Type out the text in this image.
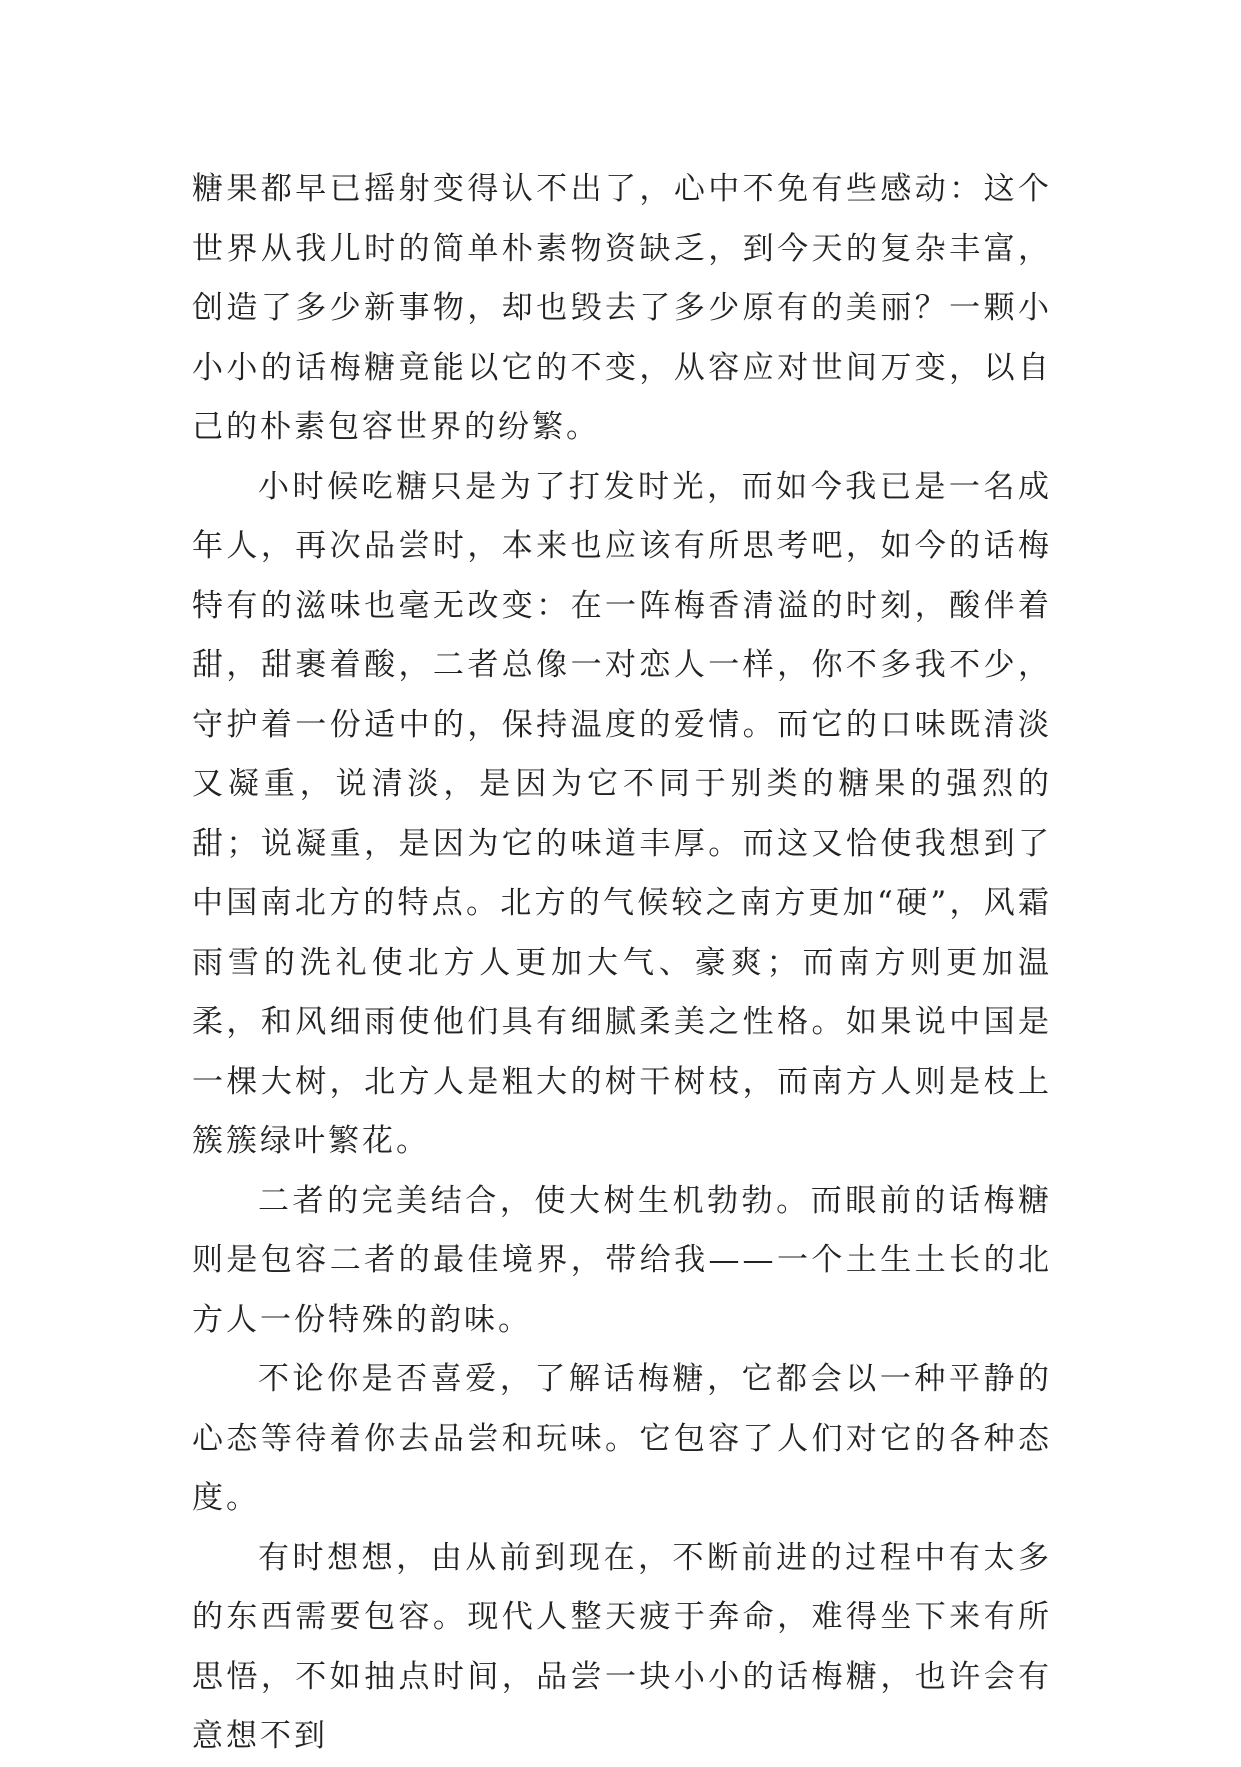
糖果都早已摇射变得认不出了，心中不免有些感动：这个世界从我儿时的简单朴素物资缺乏，到今天的复杂丰富，创造了多少新事物，却也毁去了多少原有的美丽？一颗小小小的话梅糖竟能以它的不变，从容应对世间万变，以自己的朴素包容世界的纷繁。

小时候吃糖只是为了打发时光，而如今我已是一名成年人，再次品尝时，本来也应该有所思考吧，如今的话梅特有的滋味也毫无改变：在一阵梅香清溢的时刻，酸伴着甜，甜裹着酸，二者总像一对恋人一样，你不多我不少，守护着一份适中的，保持温度的爱情。而它的口味既清淡又凝重，说清淡，是因为它不同于别类的糖果的强烈的甜；说凝重，是因为它的味道丰厚。而这又恰使我想到了中国南北方的特点。北方的气候较之南方更加“硬”，风霜雨雪的洗礼使北方人更加大气、豪爽；而南方则更加温柔，和风细雨使他们具有细腻柔美之性格。如果说中国是一棵大树，北方人是粗大的树干树枝，而南方人则是枝上簇簇绿叶繁花。

二者的完美结合，使大树生机勃勃。而眼前的话梅糖则是包容二者的最佳境界，带给我——一个土生土长的北方人一份特殊的韵味。

不论你是否喜爱，了解话梅糖，它都会以一种平静的心态等待着你去品尝和玩味。它包容了人们对它的各种态度。

有时想想，由从前到现在，不断前进的过程中有太多的东西需要包容。现代人整天疲于奔命，难得坐下来有所思悟，不如抽点时间，品尝一块小小的话梅糖，也许会有意想不到
